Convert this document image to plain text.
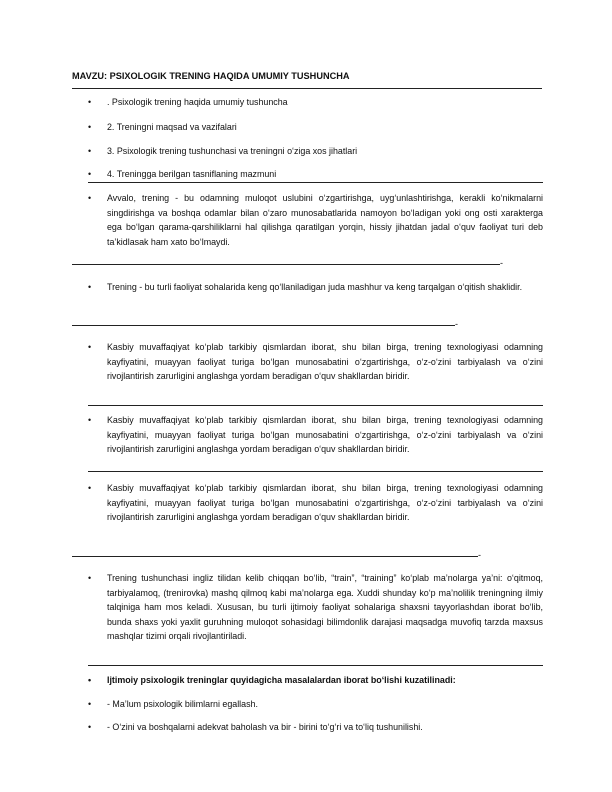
MAVZU: PSIXOLOGIK TRENING HAQIDA UMUMIY TUSHUNCHA
• . Psixologik trening haqida umumiy tushuncha
• 2. Treningni maqsad va vazifalari
• 3. Psixologik trening tushunchasi va treningni o‘ziga xos jihatlari
• 4. Treningga berilgan tasniflaning mazmuni
• Avvalo, trening - bu odamning muloqot uslubini o‘zgartirishga, uyg‘unlashtirishga, kerakli ko‘nikmalarni singdirishga va boshqa odamlar bilan o‘zaro munosabatlarida namoyon bo‘ladigan yoki ong osti xarakterga ega bo‘lgan qarama-qarshiliklarni hal qilishga qaratilgan yorqin, hissiy jihatdan jadal o‘quv faoliyat turi deb ta’kidlasak ham xato bo‘lmaydi.
-
• Trening - bu turli faoliyat sohalarida keng qo‘llaniladigan juda mashhur va keng tarqalgan o‘qitish shaklidir.
-
• Kasbiy muvaffaqiyat ko‘plab tarkibiy qismlardan iborat, shu bilan birga, trening texnologiyasi odamning kayfiyatini, muayyan faoliyat turiga bo‘lgan munosabatini o‘zgartirishga, o‘z-o‘zini tarbiyalash va o‘zini rivojlantirish zarurligini anglashga yordam beradigan o‘quv shakllardan biridir.
• Kasbiy muvaffaqiyat ko‘plab tarkibiy qismlardan iborat, shu bilan birga, trening texnologiyasi odamning kayfiyatini, muayyan faoliyat turiga bo‘lgan munosabatini o‘zgartirishga, o‘z-o‘zini tarbiyalash va o‘zini rivojlantirish zarurligini anglashga yordam beradigan o‘quv shakllardan biridir.
• Kasbiy muvaffaqiyat ko‘plab tarkibiy qismlardan iborat, shu bilan birga, trening texnologiyasi odamning kayfiyatini, muayyan faoliyat turiga bo‘lgan munosabatini o‘zgartirishga, o‘z-o‘zini tarbiyalash va o‘zini rivojlantirish zarurligini anglashga yordam beradigan o‘quv shakllardan biridir.
-
• Trening tushunchasi ingliz tilidan kelib chiqqan bo‘lib, “train”, “training” ko‘plab ma’nolarga ya’ni: o‘qitmoq, tarbiyalamoq, (trenirovka) mashq qilmoq kabi ma’nolarga ega. Xuddi shunday ko‘p ma’nolilik treningning ilmiy talqiniga ham mos keladi. Xususan, bu turli ijtimoiy faoliyat sohalariga shaxsni tayyorlashdan iborat bo‘lib, bunda shaxs yoki yaxlit guruhning muloqot sohasidagi bilimdonlik darajasi maqsadga muvofiq tarzda maxsus mashqlar tizimi orqali rivojlantiriladi.
• Ijtimoiy psixologik treninglar quyidagicha masalalardan iborat bo‘lishi kuzatilinadi:
• - Ma’lum psixologik bilimlarni egallash.
• - O‘zini va boshqalarni adekvat baholash va bir - birini to‘g‘ri va to‘liq tushunilishi.
